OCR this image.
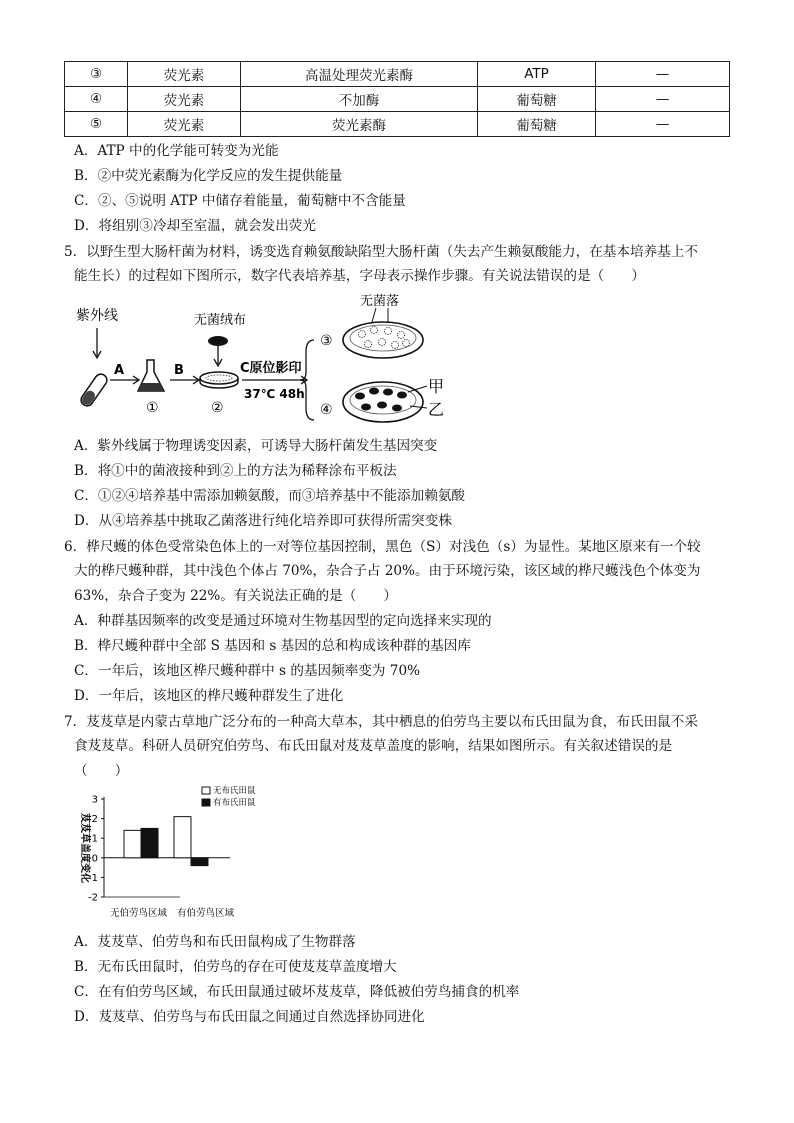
③	荧光素	高温处理荧光素酶	ATP	—
④	荧光素	不加酶	葡萄糖	—
⑤	荧光素	荧光素酶	葡萄糖	—
A．ATP 中的化学能可转变为光能
B．②中荧光素酶为化学反应的发生提供能量
C．②、⑤说明 ATP 中储存着能量，葡萄糖中不含能量
D．将组别③冷却至室温，就会发出荧光
5．以野生型大肠杆菌为材料，诱变选育赖氨酸缺陷型大肠杆菌（失去产生赖氨酸能力，在基本培养基上不
能生长）的过程如下图所示，数字代表培养基，字母表示操作步骤。有关说法错误的是（　　）
紫外线
A
①
B
无菌绒布
②
C原位影印
37℃ 48h
③
④
无菌落
甲
乙
A．紫外线属于物理诱变因素，可诱导大肠杆菌发生基因突变
B．将①中的菌液接种到②上的方法为稀释涂布平板法
C．①②④培养基中需添加赖氨酸，而③培养基中不能添加赖氨酸
D．从④培养基中挑取乙菌落进行纯化培养即可获得所需突变株
6．桦尺蠖的体色受常染色体上的一对等位基因控制，黑色（S）对浅色（s）为显性。某地区原来有一个较
大的桦尺蠖种群，其中浅色个体占 70%，杂合子占 20%。由于环境污染，该区域的桦尺蠖浅色个体变为
63%，杂合子变为 22%。有关说法正确的是（　　）
A．种群基因频率的改变是通过环境对生物基因型的定向选择来实现的
B．桦尺蠖种群中全部 S 基因和 s 基因的总和构成该种群的基因库
C．一年后，该地区桦尺蠖种群中 s 的基因频率变为 70%
D．一年后，该地区的桦尺蠖种群发生了进化
7．芨芨草是内蒙古草地广泛分布的一种高大草本，其中栖息的伯劳鸟主要以布氏田鼠为食，布氏田鼠不采
食芨芨草。科研人员研究伯劳鸟、布氏田鼠对芨芨草盖度的影响，结果如图所示。有关叙述错误的是
（　　）
芨芨草盖度变化
3
2
1
0
-1
-2
无布氏田鼠
有布氏田鼠
无伯劳鸟区域 有伯劳鸟区域
A．芨芨草、伯劳鸟和布氏田鼠构成了生物群落
B．无布氏田鼠时，伯劳鸟的存在可使芨芨草盖度增大
C．在有伯劳鸟区域，布氏田鼠通过破坏芨芨草，降低被伯劳鸟捕食的机率
D．芨芨草、伯劳鸟与布氏田鼠之间通过自然选择协同进化
